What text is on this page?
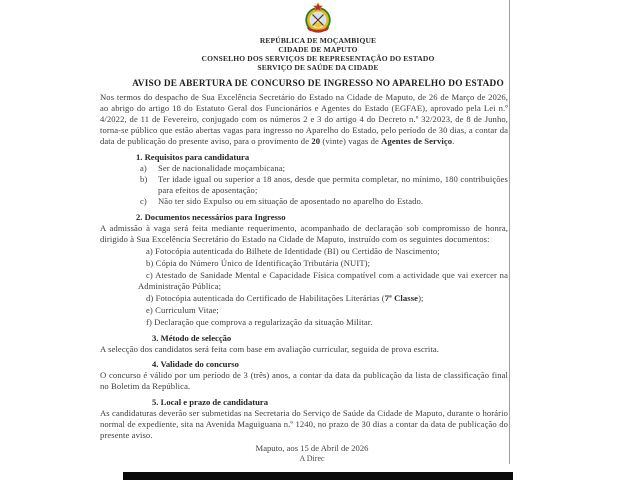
REPÚBLICA DE MOÇAMBIQUE
CIDADE DE MAPUTO
CONSELHO DOS SERVIÇOS DE REPRESENTAÇÃO DO ESTADO
SERVIÇO DE SAÚDE DA CIDADE
AVISO DE ABERTURA DE CONCURSO DE INGRESSO NO APARELHO DO ESTADO

Nos termos do despacho de Sua Excelência Secretário do Estado na Cidade de Maputo, de 26 de Março de 2026, ao abrigo do artigo 18 do Estatuto Geral dos Funcionários e Agentes do Estado (EGFAE), aprovado pela Lei n.º 4/2022, de 11 de Fevereiro, conjugado com os números 2 e 3 do artigo 4 do Decreto n.º 32/2023, de 8 de Junho, torna-se público que estão abertas vagas para ingresso no Aparelho do Estado, pelo período de 30 dias, a contar da data de publicação do presente aviso, para o provimento de 20 (vinte) vagas de Agentes de Serviço.

1. Requisitos para candidatura
a) Ser de nacionalidade moçambicana;
b) Ter idade igual ou superior a 18 anos, desde que permita completar, no mínimo, 180 contribuições para efeitos de aposentação;
c) Não ter sido Expulso ou em situação de aposentado no aparelho do Estado.
2. Documentos necessários para Ingresso

A admissão à vaga será feita mediante requerimento, acompanhado de declaração sob compromisso de honra, dirigido à Sua Excelência Secretário do Estado na Cidade de Maputo, instruído com os seguintes documentos:

a) Fotocópia autenticada do Bilhete de Identidade (BI) ou Certidão de Nascimento;
b) Cópia do Número Único de Identificação Tributária (NUIT);
c) Atestado de Sanidade Mental e Capacidade Física compatível com a actividade que vai exercer na Administração Pública;
d) Fotocópia autenticada do Certificado de Habilitações Literárias (7ª Classe);
e) Curriculum Vitae;
f) Declaração que comprova a regularização da situação Militar.
3. Método de selecção

A selecção dos candidatos será feita com base em avaliação curricular, seguida de prova escrita.

4. Validade do concurso

O concurso é válido por um período de 3 (três) anos, a contar da data da publicação da lista de classificação final no Boletim da República.

5. Local e prazo de candidatura

As candidaturas deverão ser submetidas na Secretaria do Serviço de Saúde da Cidade de Maputo, durante o horário normal de expediente, sita na Avenida Maguiguana n.º 1240, no prazo de 30 dias a contar da data de publicação do presente aviso.

Maputo, aos 15 de Abril de 2026
A Direc
